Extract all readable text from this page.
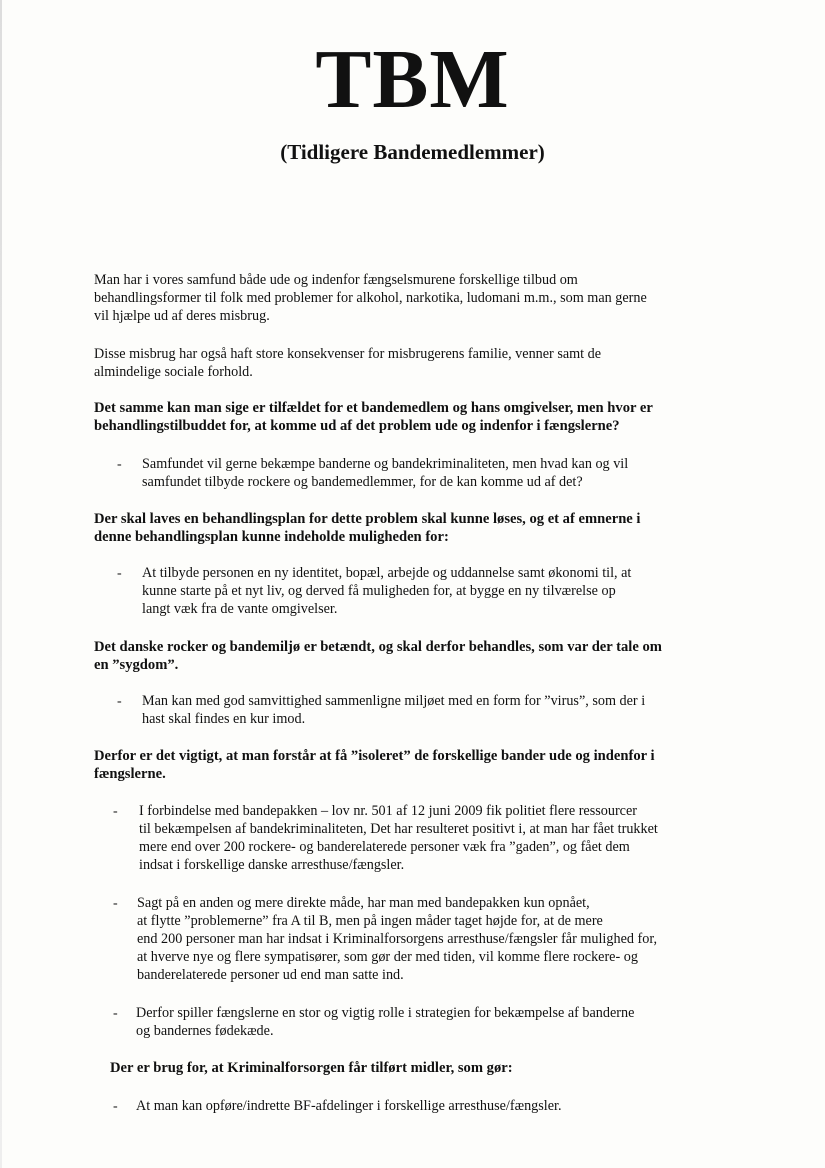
TBM
(Tidligere Bandemedlemmer)
Man har i vores samfund både ude og indenfor fængselsmurene forskellige tilbud om
behandlingsformer til folk med problemer for alkohol, narkotika, ludomani m.m., som man gerne
vil hjælpe ud af deres misbrug.
Disse misbrug har også haft store konsekvenser for misbrugerens familie, venner samt de
almindelige sociale forhold.
Det samme kan man sige er tilfældet for et bandemedlem og hans omgivelser, men hvor er
behandlingstilbuddet for, at komme ud af det problem ude og indenfor i fængslerne?
- Samfundet vil gerne bekæmpe banderne og bandekriminaliteten, men hvad kan og vil
samfundet tilbyde rockere og bandemedlemmer, for de kan komme ud af det?
Der skal laves en behandlingsplan for dette problem skal kunne løses, og et af emnerne i
denne behandlingsplan kunne indeholde muligheden for:
- At tilbyde personen en ny identitet, bopæl, arbejde og uddannelse samt økonomi til, at
kunne starte på et nyt liv, og derved få muligheden for, at bygge en ny tilværelse op
langt væk fra de vante omgivelser.
Det danske rocker og bandemiljø er betændt, og skal derfor behandles, som var der tale om
en ”sygdom”.
- Man kan med god samvittighed sammenligne miljøet med en form for ”virus”, som der i
hast skal findes en kur imod.
Derfor er det vigtigt, at man forstår at få ”isoleret” de forskellige bander ude og indenfor i
fængslerne.
- I forbindelse med bandepakken – lov nr. 501 af 12 juni 2009 fik politiet flere ressourcer
til bekæmpelsen af bandekriminaliteten, Det har resulteret positivt i, at man har fået trukket
mere end over 200 rockere- og banderelaterede personer væk fra ”gaden”, og fået dem
indsat i forskellige danske arresthuse/fængsler.
- Sagt på en anden og mere direkte måde, har man med bandepakken kun opnået,
at flytte ”problemerne” fra A til B, men på ingen måder taget højde for, at de mere
end 200 personer man har indsat i Kriminalforsorgens arresthuse/fængsler får mulighed for,
at hverve nye og flere sympatisører, som gør der med tiden, vil komme flere rockere- og
banderelaterede personer ud end man satte ind.
- Derfor spiller fængslerne en stor og vigtig rolle i strategien for bekæmpelse af banderne
og bandernes fødekæde.
Der er brug for, at Kriminalforsorgen får tilført midler, som gør:
- At man kan opføre/indrette BF-afdelinger i forskellige arresthuse/fængsler.
